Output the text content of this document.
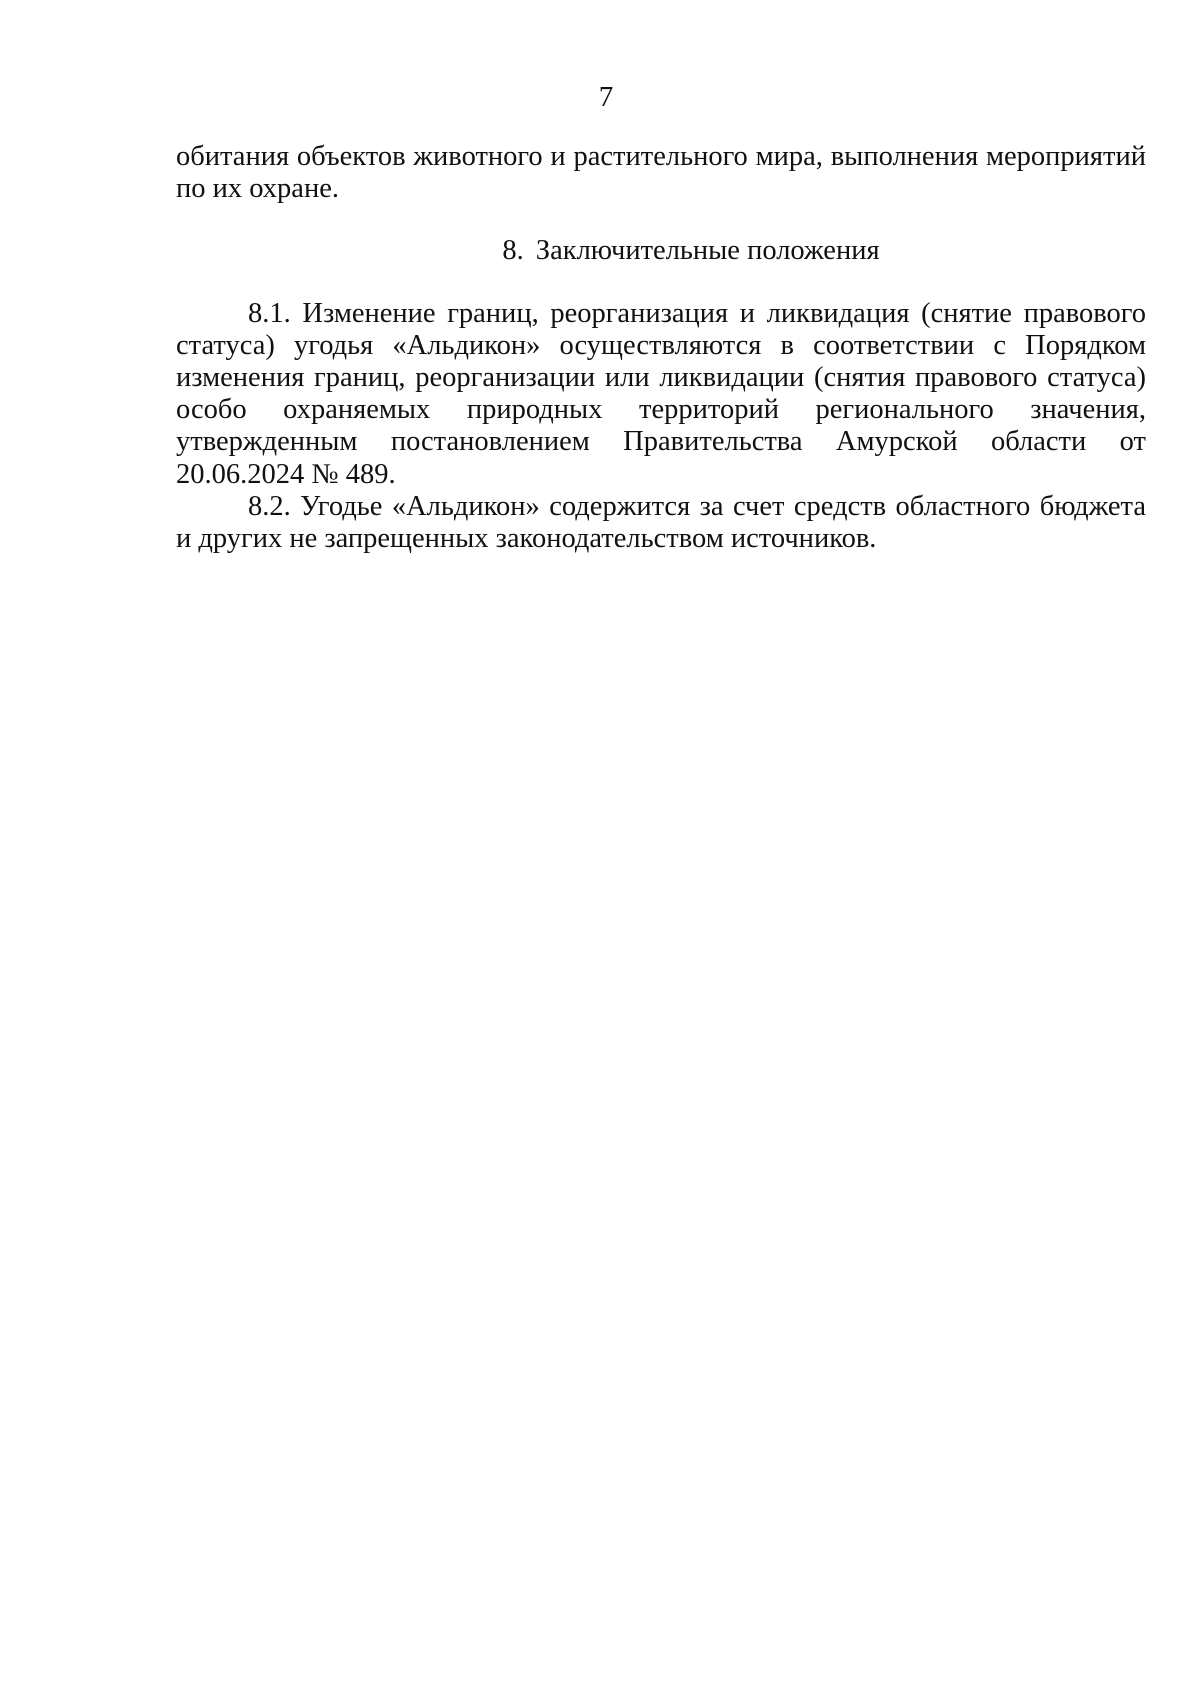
7

обитания объектов животного и растительного мира, выполнения мероприятий по их охране.

8. Заключительные положения

8.1. Изменение границ, реорганизация и ликвидация (снятие правового статуса) угодья «Альдикон» осуществляются в соответствии с Порядком изменения границ, реорганизации или ликвидации (снятия правового статуса) особо охраняемых природных территорий регионального значения, утвержденным постановлением Правительства Амурской области от 20.06.2024 № 489.

8.2. Угодье «Альдикон» содержится за счет средств областного бюджета и других не запрещенных законодательством источников.
